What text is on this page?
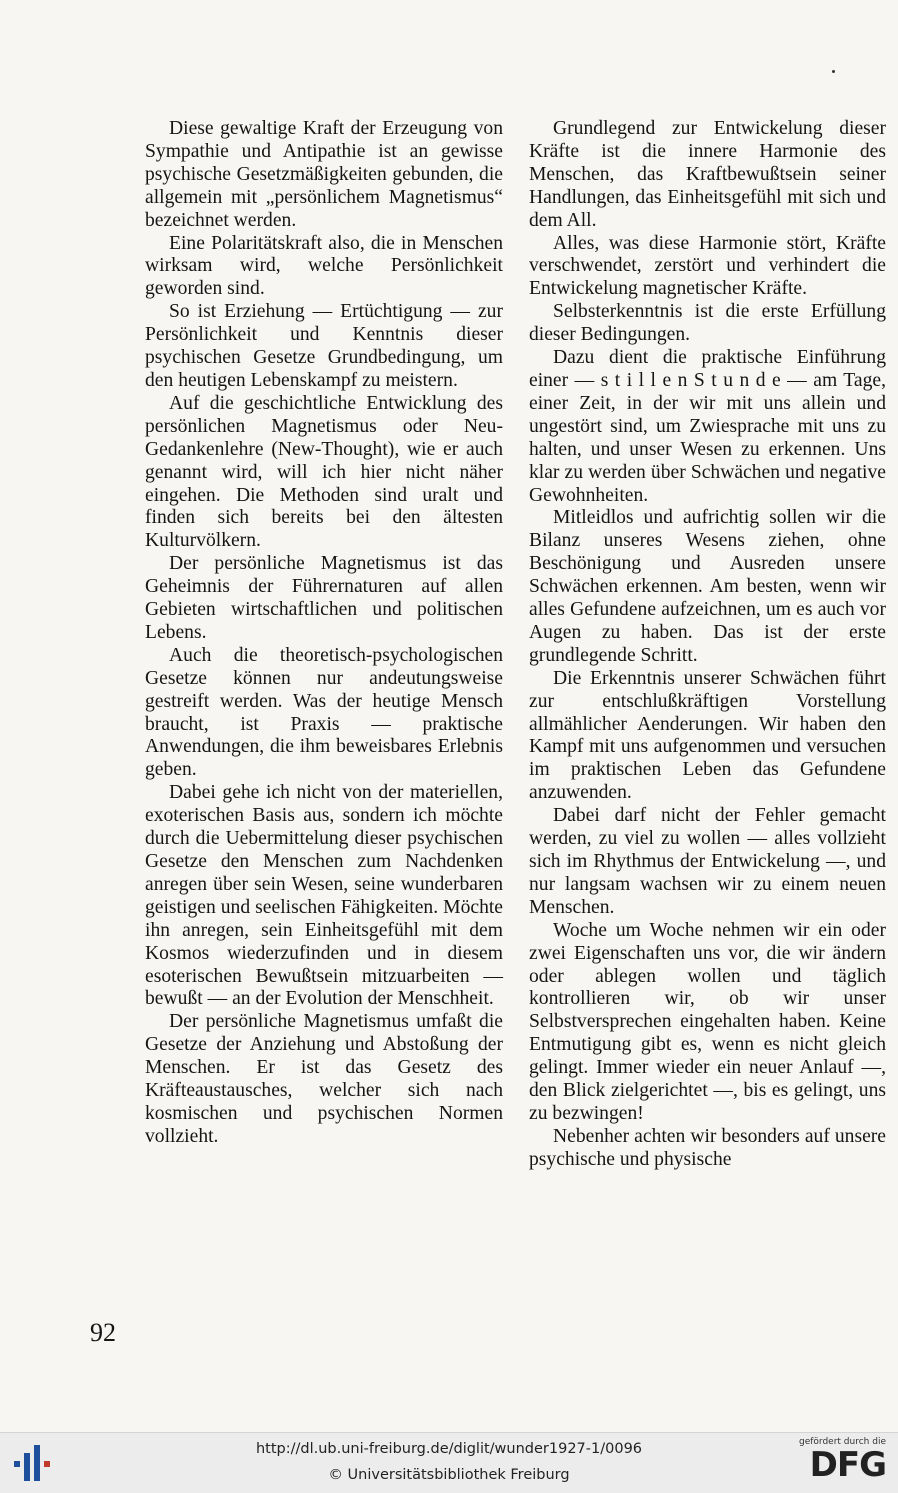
Diese gewaltige Kraft der Erzeugung von Sympathie und Antipathie ist an gewisse psychische Gesetzmäßigkeiten gebunden, die allgemein mit „persönlichem Magnetismus“ bezeichnet werden.

Eine Polaritätskraft also, die in Menschen wirksam wird, welche Persönlichkeit geworden sind.

So ist Erziehung — Ertüchtigung — zur Persönlichkeit und Kenntnis dieser psychischen Gesetze Grundbedingung, um den heutigen Lebenskampf zu meistern.

Auf die geschichtliche Entwicklung des persönlichen Magnetismus oder Neu-Gedankenlehre (New-Thought), wie er auch genannt wird, will ich hier nicht näher eingehen. Die Methoden sind uralt und finden sich bereits bei den ältesten Kulturvölkern.

Der persönliche Magnetismus ist das Geheimnis der Führernaturen auf allen Gebieten wirtschaftlichen und politischen Lebens.

Auch die theoretisch-psychologischen Gesetze können nur andeutungsweise gestreift werden. Was der heutige Mensch braucht, ist Praxis — praktische Anwendungen, die ihm beweisbares Erlebnis geben.

Dabei gehe ich nicht von der materiellen, exoterischen Basis aus, sondern ich möchte durch die Uebermittelung dieser psychischen Gesetze den Menschen zum Nachdenken anregen über sein Wesen, seine wunderbaren geistigen und seelischen Fähigkeiten. Möchte ihn anregen, sein Einheitsgefühl mit dem Kosmos wiederzufinden und in diesem esoterischen Bewußtsein mitzuarbeiten — bewußt — an der Evolution der Menschheit.

Der persönliche Magnetismus umfaßt die Gesetze der Anziehung und Abstoßung der Menschen. Er ist das Gesetz des Kräfteaustausches, welcher sich nach kosmischen und psychischen Normen vollzieht.

Grundlegend zur Entwickelung dieser Kräfte ist die innere Harmonie des Menschen, das Kraftbewußtsein seiner Handlungen, das Einheitsgefühl mit sich und dem All.

Alles, was diese Harmonie stört, Kräfte verschwendet, zerstört und verhindert die Entwickelung magnetischer Kräfte.

Selbsterkenntnis ist die erste Erfüllung dieser Bedingungen.

Dazu dient die praktische Einführung einer — s t i l l e n S t u n d e — am Tage, einer Zeit, in der wir mit uns allein und ungestört sind, um Zwiesprache mit uns zu halten, und unser Wesen zu erkennen. Uns klar zu werden über Schwächen und negative Gewohnheiten.

Mitleidlos und aufrichtig sollen wir die Bilanz unseres Wesens ziehen, ohne Beschönigung und Ausreden unsere Schwächen erkennen. Am besten, wenn wir alles Gefundene aufzeichnen, um es auch vor Augen zu haben. Das ist der erste grundlegende Schritt.

Die Erkenntnis unserer Schwächen führt zur entschlußkräftigen Vorstellung allmählicher Aenderungen. Wir haben den Kampf mit uns aufgenommen und versuchen im praktischen Leben das Gefundene anzuwenden.

Dabei darf nicht der Fehler gemacht werden, zu viel zu wollen — alles vollzieht sich im Rhythmus der Entwickelung —, und nur langsam wachsen wir zu einem neuen Menschen.

Woche um Woche nehmen wir ein oder zwei Eigenschaften uns vor, die wir ändern oder ablegen wollen und täglich kontrollieren wir, ob wir unser Selbstversprechen eingehalten haben. Keine Entmutigung gibt es, wenn es nicht gleich gelingt. Immer wieder ein neuer Anlauf —, den Blick zielgerichtet —, bis es gelingt, uns zu bezwingen!

Nebenher achten wir besonders auf unsere psychische und physische

92
http://dl.ub.uni-freiburg.de/diglit/wunder1927-1/0096
© Universitätsbibliothek Freiburg
gefördert durch die
DFG
